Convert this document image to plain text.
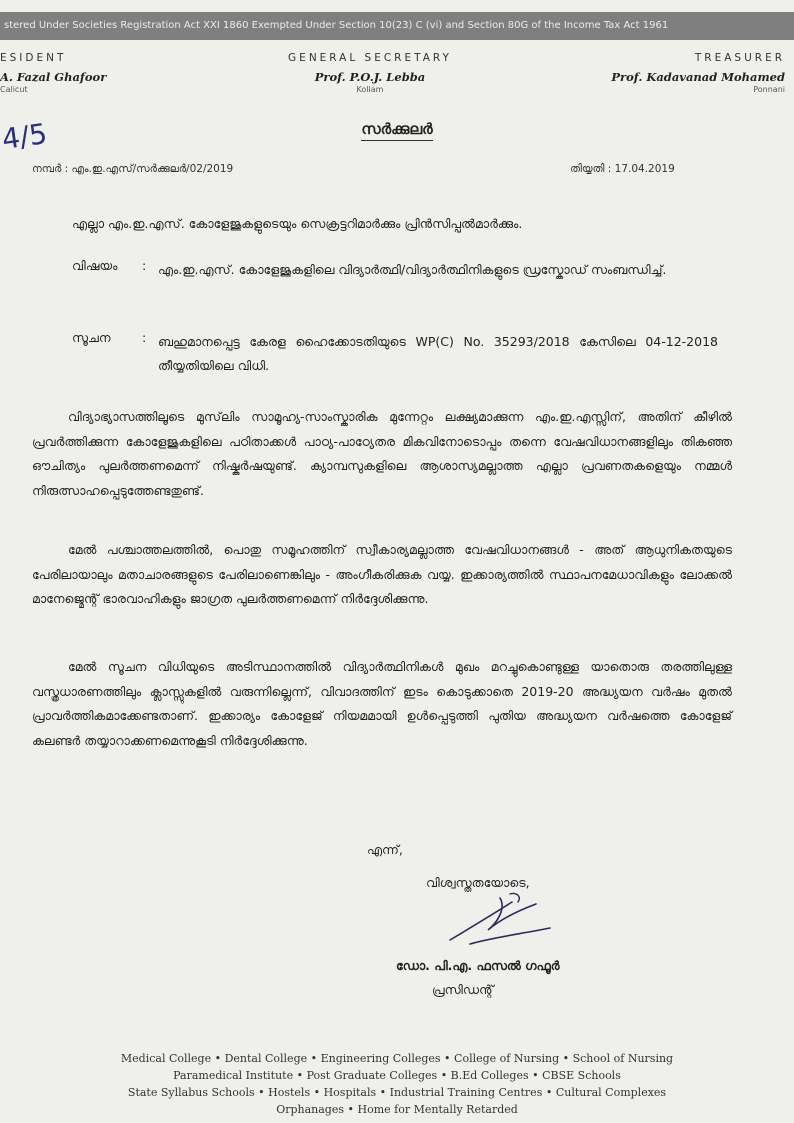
stered Under Societies Registration Act XXI 1860 Exempted Under Section 10(23) C (vi) and Section 80G of the Income Tax Act 1961
ESIDENT
A. Fazal Ghafoor
Calicut
GENERAL SECRETARY
Prof. P.O.J. Lebba
Kollam
TREASURER
Prof. Kadavanad Mohamed
Ponnani
4/5	സർക്കുലർ
നമ്പർ : എം.ഇ.എസ്/സർക്കുലർ/02/2019	തിയ്യതി : 17.04.2019
എല്ലാ എം.ഇ.എസ്. കോളേജുകളുടെയും സെക്രട്ടറിമാർക്കും പ്രിൻസിപ്പൽമാർക്കും.
വിഷയം	: എം.ഇ.എസ്. കോളേജുകളിലെ വിദ്യാർത്ഥി/വിദ്യാർത്ഥിനികളുടെ ഡ്രസ്കോഡ് സംബന്ധിച്ച്.
സൂചന	: ബഹുമാനപ്പെട്ട കേരള ഹൈക്കോടതിയുടെ WP(C) No. 35293/2018 കേസിലെ 04-12-2018 തീയ്യതിയിലെ വിധി.
വിദ്യാഭ്യാസത്തിലൂടെ മുസ്‌ലിം സാമൂഹ്യ-സാംസ്കാരിക മുന്നേറ്റം ലക്ഷ്യമാക്കുന്ന എം.ഇ.എസ്സിന്, അതിന് കീഴിൽ പ്രവർത്തിക്കുന്ന കോളേജുകളിലെ പഠിതാക്കൾ പാഠ്യ-പാഠ്യേതര മികവിനോടൊപ്പം തന്നെ വേഷവിധാനങ്ങളിലും തികഞ്ഞ ഔചിത്യം പുലർത്തണമെന്ന് നിഷ്കർഷയുണ്ട്. ക്യാമ്പസുകളിലെ ആശാസ്യമല്ലാത്ത എല്ലാ പ്രവണതകളെയും നമ്മൾ നിരുത്സാഹപ്പെടുത്തേണ്ടതുണ്ട്.
മേൽ പശ്ചാത്തലത്തിൽ, പൊതു സമൂഹത്തിന് സ്വീകാര്യമല്ലാത്ത വേഷവിധാനങ്ങൾ - അത് ആധുനികതയുടെ പേരിലായാലും മതാചാരങ്ങളുടെ പേരിലാണെങ്കിലും - അംഗീകരിക്കുക വയ്യ. ഇക്കാര്യത്തിൽ സ്ഥാപനമേധാവികളും ലോക്കൽ മാനേജ്മെന്റ് ഭാരവാഹികളും ജാഗ്രത പുലർത്തണമെന്ന് നിർദ്ദേശിക്കുന്നു.
മേൽ സൂചന വിധിയുടെ അടിസ്ഥാനത്തിൽ വിദ്യാർത്ഥിനികൾ മുഖം മറച്ചുകൊണ്ടുള്ള യാതൊരു തരത്തിലുള്ള വസ്ത്രധാരണത്തിലും ക്ലാസ്സുകളിൽ വരുന്നില്ലെന്ന്, വിവാദത്തിന് ഇടം കൊടുക്കാതെ 2019-20 അദ്ധ്യയന വർഷം മുതൽ പ്രാവർത്തികമാക്കേണ്ടതാണ്. ഇക്കാര്യം കോളേജ് നിയമമായി ഉൾപ്പെടുത്തി പുതിയ അദ്ധ്യയന വർഷത്തെ കോളേജ് കലണ്ടർ തയ്യാറാക്കണമെന്നുകൂടി നിർദ്ദേശിക്കുന്നു.
എന്ന്,
വിശ്വസ്തതയോടെ,
ഡോ. പി.എ. ഫസൽ ഗഫൂർ
പ്രസിഡന്റ്
Medical College • Dental College • Engineering Colleges • College of Nursing • School of Nursing
Paramedical Institute • Post Graduate Colleges • B.Ed Colleges • CBSE Schools
State Syllabus Schools • Hostels • Hospitals • Industrial Training Centres • Cultural Complexes
Orphanages • Home for Mentally Retarded
